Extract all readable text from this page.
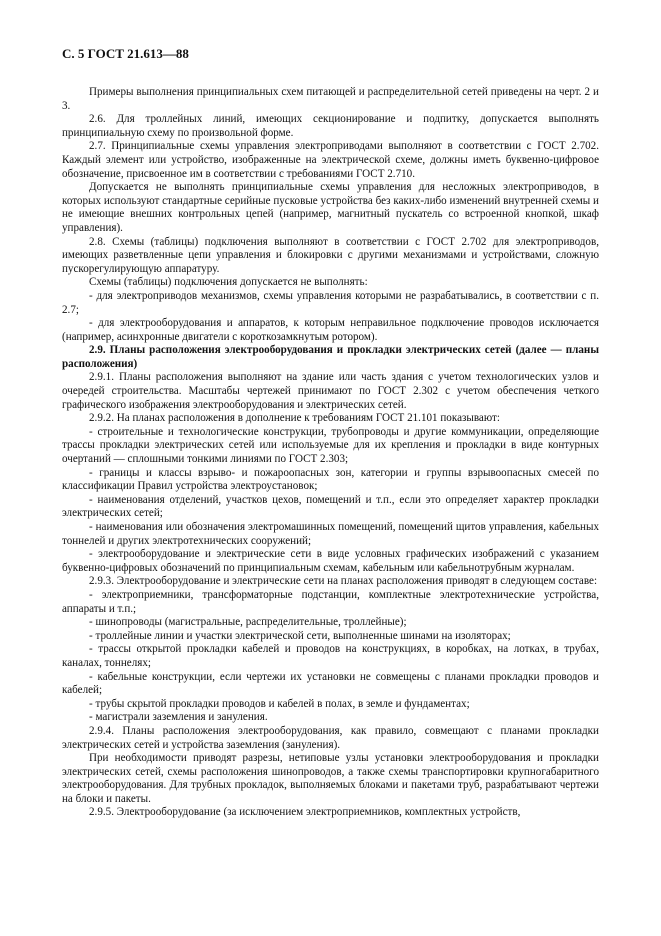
С. 5 ГОСТ 21.613—88

Примеры выполнения принципиальных схем питающей и распределительной сетей приведены на черт. 2 и 3.

2.6. Для троллейных линий, имеющих секционирование и подпитку, допускается выполнять принципиальную схему по произвольной форме.

2.7. Принципиальные схемы управления электроприводами выполняют в соответствии с ГОСТ 2.702. Каждый элемент или устройство, изображенные на электрической схеме, должны иметь буквенно-цифровое обозначение, присвоенное им в соответствии с требованиями ГОСТ 2.710.

Допускается не выполнять принципиальные схемы управления для несложных электроприводов, в которых используют стандартные серийные пусковые устройства без каких-либо изменений внутренней схемы и не имеющие внешних контрольных цепей (например, магнитный пускатель со встроенной кнопкой, шкаф управления).

2.8. Схемы (таблицы) подключения выполняют в соответствии с ГОСТ 2.702 для электроприводов, имеющих разветвленные цепи управления и блокировки с другими механизмами и устройствами, сложную пускорегулирующую аппаратуру.

Схемы (таблицы) подключения допускается не выполнять:

- для электроприводов механизмов, схемы управления которыми не разрабатывались, в соответствии с п. 2.7;

- для электрооборудования и аппаратов, к которым неправильное подключение проводов исключается (например, асинхронные двигатели с короткозамкнутым ротором).

2.9. Планы расположения электрооборудования и прокладки электрических сетей (далее — планы расположения)

2.9.1. Планы расположения выполняют на здание или часть здания с учетом технологических узлов и очередей строительства. Масштабы чертежей принимают по ГОСТ 2.302 с учетом обеспечения четкого графического изображения электрооборудования и электрических сетей.

2.9.2. На планах расположения в дополнение к требованиям ГОСТ 21.101 показывают:

- строительные и технологические конструкции, трубопроводы и другие коммуникации, определяющие трассы прокладки электрических сетей или используемые для их крепления и прокладки в виде контурных очертаний — сплошными тонкими линиями по ГОСТ 2.303;

- границы и классы взрыво- и пожароопасных зон, категории и группы взрывоопасных смесей по классификации Правил устройства электроустановок;

- наименования отделений, участков цехов, помещений и т.п., если это определяет характер прокладки электрических сетей;

- наименования или обозначения электромашинных помещений, помещений щитов управления, кабельных тоннелей и других электротехнических сооружений;

- электрооборудование и электрические сети в виде условных графических изображений с указанием буквенно-цифровых обозначений по принципиальным схемам, кабельным или кабельнотрубным журналам.

2.9.3. Электрооборудование и электрические сети на планах расположения приводят в следующем составе:

- электроприемники, трансформаторные подстанции, комплектные электротехнические устройства, аппараты и т.п.;

- шинопроводы (магистральные, распределительные, троллейные);

- троллейные линии и участки электрической сети, выполненные шинами на изоляторах;

- трассы открытой прокладки кабелей и проводов на конструкциях, в коробках, на лотках, в трубах, каналах, тоннелях;

- кабельные конструкции, если чертежи их установки не совмещены с планами прокладки проводов и кабелей;

- трубы скрытой прокладки проводов и кабелей в полах, в земле и фундаментах;

- магистрали заземления и зануления.

2.9.4. Планы расположения электрооборудования, как правило, совмещают с планами прокладки электрических сетей и устройства заземления (зануления).

При необходимости приводят разрезы, нетиповые узлы установки электрооборудования и прокладки электрических сетей, схемы расположения шинопроводов, а также схемы транспортировки крупногабаритного электрооборудования. Для трубных прокладок, выполняемых блоками и пакетами труб, разрабатывают чертежи на блоки и пакеты.

2.9.5. Электрооборудование (за исключением электроприемников, комплектных устройств,
